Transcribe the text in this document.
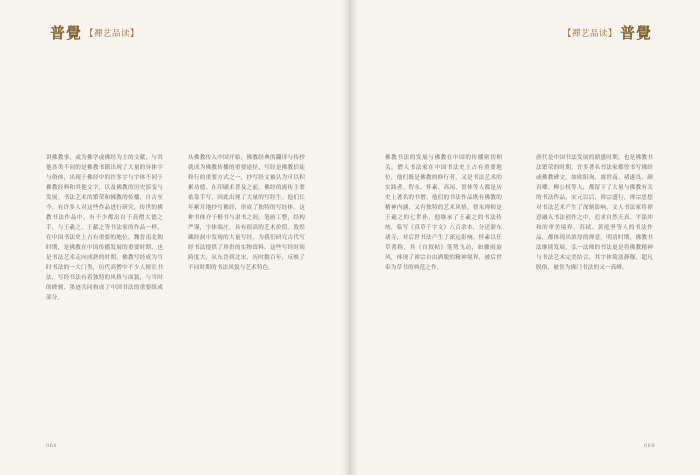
普覺 【禪艺品读】

讲佛教事，或为佛学或佛经为主的文献，与其他各类不同的是佛教书籍出现了大量的异体字与俗体，出现于佛经中的许多字与字体不同于佛教经典和其他文字，以及佛教的历史演变与发展。书法艺术的繁荣和佛教的传播，自古至今，有许多人对这些作品进行研究，传世的佛教书法作品中，有不少都出自于高僧大德之手，与王羲之、王献之等书法家的作品一样，在中国书法史上占有重要的地位。魏晋南北朝时期，是佛教在中国传播发展的重要时期，也是书法艺术走向成熟的时期，佛教写经成为当时书法的一大门类，历代高僧中不少人擅长书法，写经书法有着独特的风格与面貌，与当时的碑刻、墨迹共同构成了中国书法的重要组成部分。

从佛教传入中国开始，佛教经典的翻译与传抄就成为佛教传播的重要途径，写经是佛教信徒修行的重要方式之一，抄写经文被认为可以积累功德。在印刷术普及之前，佛经的流传主要依靠手写，因此出现了大量的写经生。他们长年累月地抄写佛经，形成了独特的写经体。这种书体介于楷书与隶书之间，笔画工整，结构严谨，字体端庄，具有很高的艺术价值。敦煌藏经洞中发现的大量写经，为我们研究古代写经书法提供了珍贵的实物资料。这些写经时间跨度大，从东晋到北宋，历时数百年，反映了不同时期的书法风貌与艺术特色。

068
【禪艺品读】 普覺

佛教书法的发展与佛教在中国的传播密切相关。僧人书法家在中国书法史上占有重要地位，他们既是佛教的修行者，又是书法艺术的实践者。智永、怀素、高闲、贯休等人都是历史上著名的书僧。他们的书法作品既有佛教的精神内涵，又有独特的艺术风格。智永禅师是王羲之的七世孙，他继承了王羲之的书法传统，临写《真草千字文》八百余本，分送浙东诸寺，对后世书法产生了深远影响。怀素以狂草著称，其《自叙帖》笔势飞动，如骤雨旋风，体现了禅宗自由洒脱的精神境界，被后世奉为草书的典范之作。

唐代是中国书法发展的鼎盛时期，也是佛教书法繁荣的时期。许多著名书法家都曾书写佛经或佛教碑文，如欧阳询、虞世南、褚遂良、颜真卿、柳公权等人，都留下了大量与佛教有关的书法作品。宋元以后，禅宗盛行，禅宗思想对书法艺术产生了深刻影响，文人书法家将禅意融入书法创作之中，追求自然天真、平淡冲和的审美境界。苏轼、黄庭坚等人的书法作品，都体现出浓厚的禅意。明清时期，佛教书法继续发展，弘一法师的书法更是将佛教精神与书法艺术完美结合，其字体简淡静穆，超凡脱俗，被誉为佛门书法的又一高峰。

069
